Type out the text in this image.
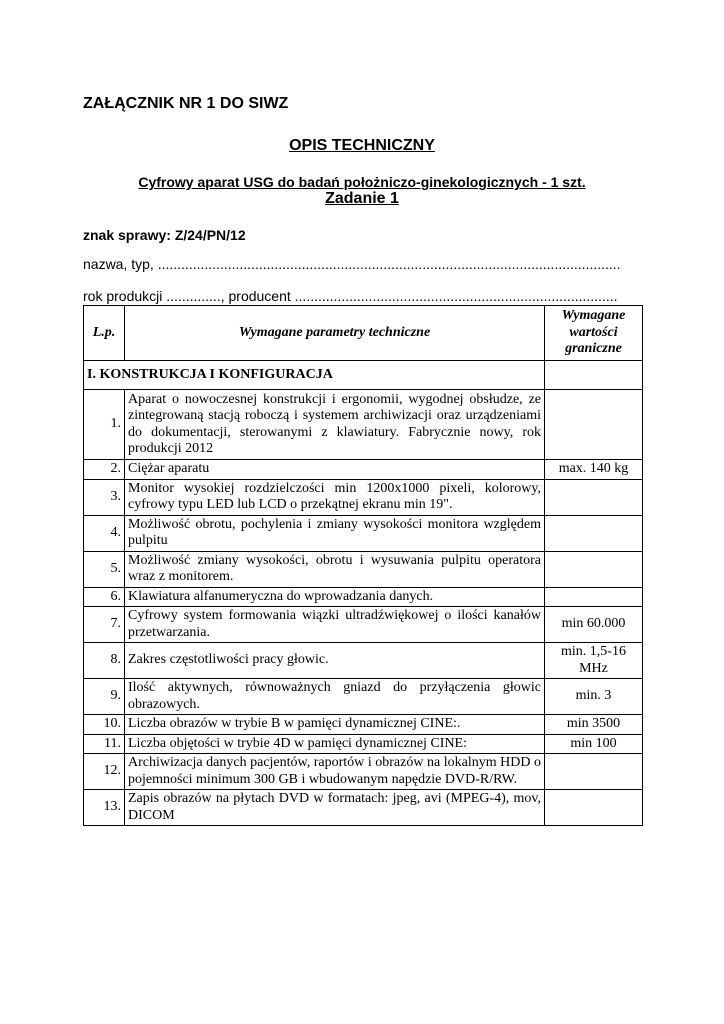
ZAŁĄCZNIK NR 1 DO SIWZ
OPIS TECHNICZNY
Cyfrowy aparat USG do badań położniczo-ginekologicznych - 1 szt.
Zadanie 1
znak sprawy: Z/24/PN/12
nazwa, typ, .......................................................................................................................
rok produkcji .............., producent ...................................................................................
L.p.	Wymagane parametry techniczne	Wymagane wartości graniczne
I. KONSTRUKCJA I KONFIGURACJA		
1.	Aparat o nowoczesnej konstrukcji i ergonomii, wygodnej obsłudze, ze zintegrowaną stacją roboczą i systemem archiwizacji oraz urządzeniami do dokumentacji, sterowanymi z klawiatury. Fabrycznie nowy, rok produkcji 2012	
2.	Ciężar aparatu	max. 140 kg
3.	Monitor wysokiej rozdzielczości min 1200x1000 pixeli, kolorowy, cyfrowy typu LED lub LCD o przekątnej ekranu min 19".	
4.	Możliwość obrotu, pochylenia i zmiany wysokości monitora względem pulpitu	
5.	Możliwość zmiany wysokości, obrotu i wysuwania pulpitu operatora wraz z monitorem.	
6.	Klawiatura alfanumeryczna do wprowadzania danych.	
7.	Cyfrowy system formowania wiązki ultradźwiękowej o ilości kanałów przetwarzania.	min 60.000
8.	Zakres częstotliwości pracy głowic.	min. 1,5-16 MHz
9.	Ilość aktywnych, równoważnych gniazd do przyłączenia głowic obrazowych.	min. 3
10.	Liczba obrazów w trybie B w pamięci dynamicznej CINE:.	min 3500
11.	Liczba objętości w trybie 4D w pamięci dynamicznej CINE:	min 100
12.	Archiwizacja danych pacjentów, raportów i obrazów na lokalnym HDD o pojemności minimum 300 GB i wbudowanym napędzie DVD-R/RW.	
13.	Zapis obrazów na płytach DVD w formatach: jpeg, avi (MPEG-4), mov, DICOM	
